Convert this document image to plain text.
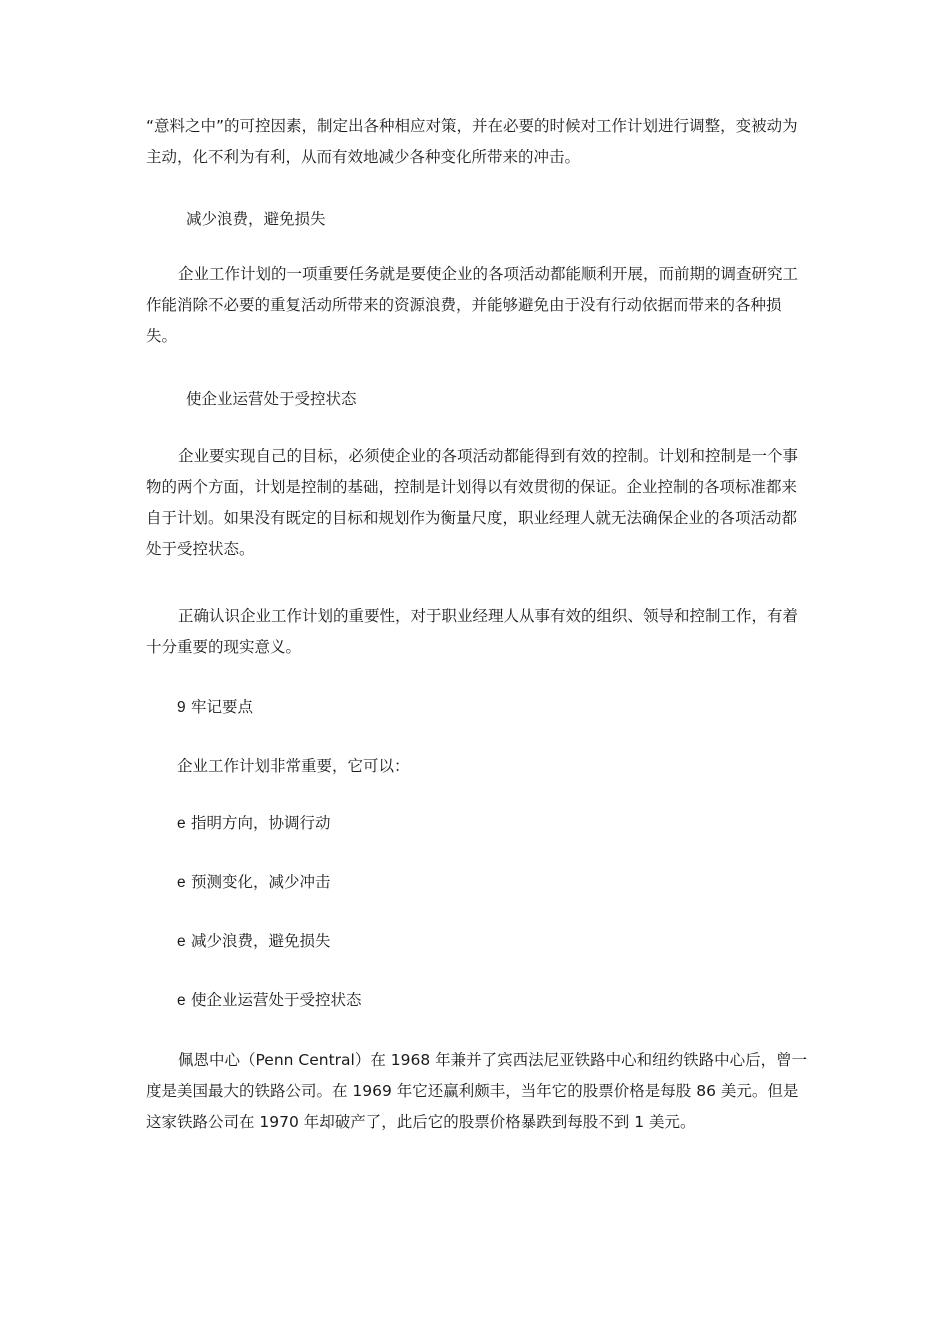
“意料之中”的可控因素，制定出各种相应对策，并在必要的时候对工作计划进行调整，变被动为主动，化不利为有利，从而有效地减少各种变化所带来的冲击。

减少浪费，避免损失

企业工作计划的一项重要任务就是要使企业的各项活动都能顺利开展，而前期的调查研究工作能消除不必要的重复活动所带来的资源浪费，并能够避免由于没有行动依据而带来的各种损失。

使企业运营处于受控状态

企业要实现自己的目标，必须使企业的各项活动都能得到有效的控制。计划和控制是一个事物的两个方面，计划是控制的基础，控制是计划得以有效贯彻的保证。企业控制的各项标准都来自于计划。如果没有既定的目标和规划作为衡量尺度，职业经理人就无法确保企业的各项活动都处于受控状态。

正确认识企业工作计划的重要性，对于职业经理人从事有效的组织、领导和控制工作，有着十分重要的现实意义。

9 牢记要点

企业工作计划非常重要，它可以：

e 指明方向，协调行动

e 预测变化，减少冲击

e 减少浪费，避免损失

e 使企业运营处于受控状态

佩恩中心（Penn Central）在 1968 年兼并了宾西法尼亚铁路中心和纽约铁路中心后，曾一度是美国最大的铁路公司。在 1969 年它还赢利颇丰，当年它的股票价格是每股 86 美元。但是这家铁路公司在 1970 年却破产了，此后它的股票价格暴跌到每股不到 1 美元。
